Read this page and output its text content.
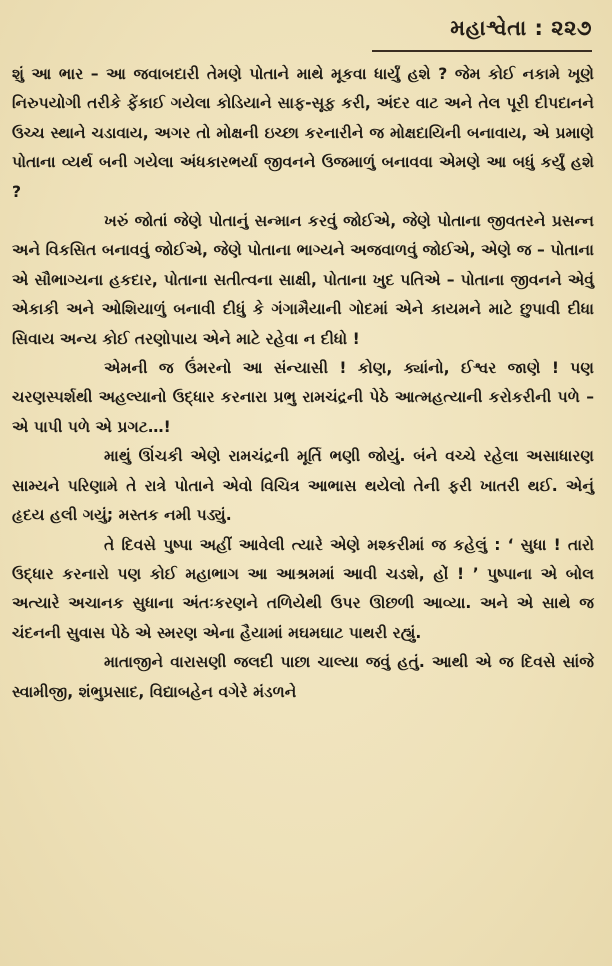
મહાશ્વેતા : ૨૨૭

શું આ ભાર – આ જવાબદારી તેમણે પોતાને માથે મૂકવા ધાર્યું હશે ? જેમ કોઈ નકામે ખૂણે નિરુપયોગી તરીકે ફેંકાઈ ગયેલા કોડિયાને સાફ-સૂફ કરી, અંદર વાટ અને તેલ પૂરી દીપદાનને ઉચ્ચ સ્થાને ચડાવાય, અગર તો મોક્ષની ઇચ્છા કરનારીને જ મોક્ષદાયિની બનાવાય, એ પ્રમાણે પોતાના વ્યર્થ બની ગયેલા અંધકારભર્યા જીવનને ઉજમાળું બનાવવા એમણે આ બધું કર્યું હશે ?

ખરું જોતાં જેણે પોતાનું સન્માન કરવું જોઈએ, જેણે પોતાના જીવતરને પ્રસન્ન અને વિકસિત બનાવવું જોઈએ, જેણે પોતાના ભાગ્યને અજવાળવું જોઈએ, એણે જ – પોતાના એ સૌભાગ્યના હકદાર, પોતાના સતીત્વના સાક્ષી, પોતાના ખુદ પતિએ – પોતાના જીવનને એવું એકાકી અને ઓશિયાળું બનાવી દીધું કે ગંગામૈયાની ગોદમાં એને કાયમને માટે છુપાવી દીધા સિવાય અન્ય કોઈ તરણોપાય એને માટે રહેવા ન દીધો !

એમની જ ઉંમરનો આ સંન્યાસી ! કોણ, ક્યાંનો, ઈશ્વર જાણે ! પણ ચરણસ્પર્શથી અહલ્યાનો ઉદ્ધાર કરનારા પ્રભુ રામચંદ્રની પેઠે આત્મહત્યાની કરોકરીની પળે – એ પાપી પળે એ પ્રગટ…!

માથું ઊંચકી એણે રામચંદ્રની મૂર્તિ ભણી જોયું. બંને વચ્ચે રહેલા અસાધારણ સામ્યને પરિણામે તે રાત્રે પોતાને એવો વિચિત્ર આભાસ થયેલો તેની ફરી ખાતરી થઈ. એનું હૃદય હલી ગયું; મસ્તક નમી પડ્યું.

તે દિવસે પુષ્પા અહીં આવેલી ત્યારે એણે મશ્કરીમાં જ કહેલું : ‘ સુધા ! તારો ઉદ્ધાર કરનારો પણ કોઈ મહાભાગ આ આશ્રમમાં આવી ચડશે, હોં ! ’ પુષ્પાના એ બોલ અત્યારે અચાનક સુધાના અંતઃકરણને તળિયેથી ઉપર ઊછળી આવ્યા. અને એ સાથે જ ચંદનની સુવાસ પેઠે એ સ્મરણ એના હૈયામાં મઘમઘાટ પાથરી રહ્યું.

માતાજીને વારાસણી જલદી પાછા ચાલ્યા જવું હતું. આથી એ જ દિવસે સાંજે સ્વામીજી, શંભુપ્રસાદ, વિદ્યાબહેન વગેરે મંડળને
